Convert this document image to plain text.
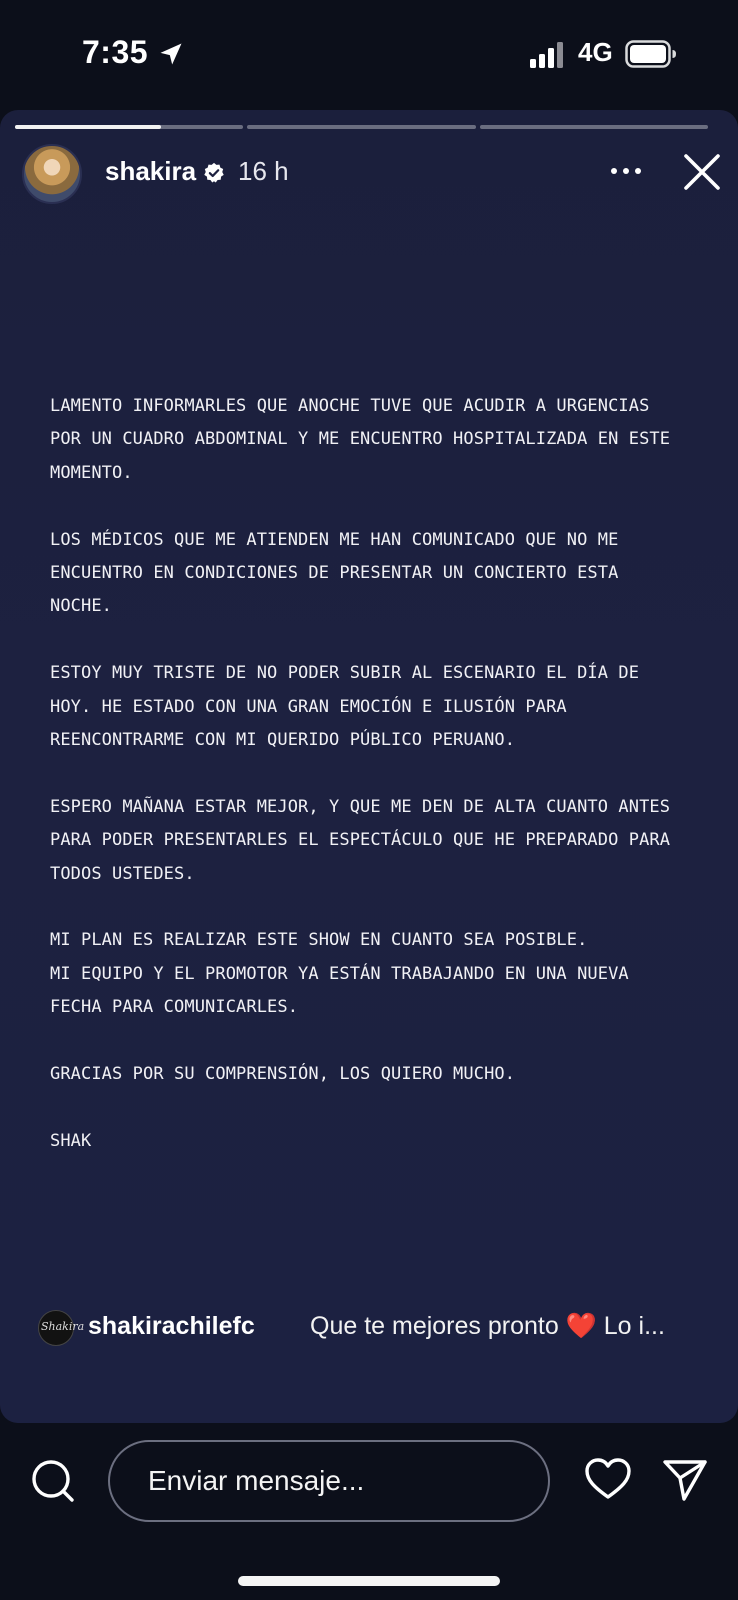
7:35	4G
shakira 16 h

LAMENTO INFORMARLES QUE ANOCHE TUVE QUE ACUDIR A URGENCIAS
POR UN CUADRO ABDOMINAL Y ME ENCUENTRO HOSPITALIZADA EN ESTE
MOMENTO.

LOS MÉDICOS QUE ME ATIENDEN ME HAN COMUNICADO QUE NO ME
ENCUENTRO EN CONDICIONES DE PRESENTAR UN CONCIERTO ESTA
NOCHE.

ESTOY MUY TRISTE DE NO PODER SUBIR AL ESCENARIO EL DÍA DE
HOY. HE ESTADO CON UNA GRAN EMOCIÓN E ILUSIÓN PARA
REENCONTRARME CON MI QUERIDO PÚBLICO PERUANO.

ESPERO MAÑANA ESTAR MEJOR, Y QUE ME DEN DE ALTA CUANTO ANTES
PARA PODER PRESENTARLES EL ESPECTÁCULO QUE HE PREPARADO PARA
TODOS USTEDES.

MI PLAN ES REALIZAR ESTE SHOW EN CUANTO SEA POSIBLE.
MI EQUIPO Y EL PROMOTOR YA ESTÁN TRABAJANDO EN UNA NUEVA
FECHA PARA COMUNICARLES.

GRACIAS POR SU COMPRENSIÓN, LOS QUIERO MUCHO.

SHAK

Shakira shakirachilefc Que te mejores pronto ❤️ Lo i...
Enviar mensaje...
